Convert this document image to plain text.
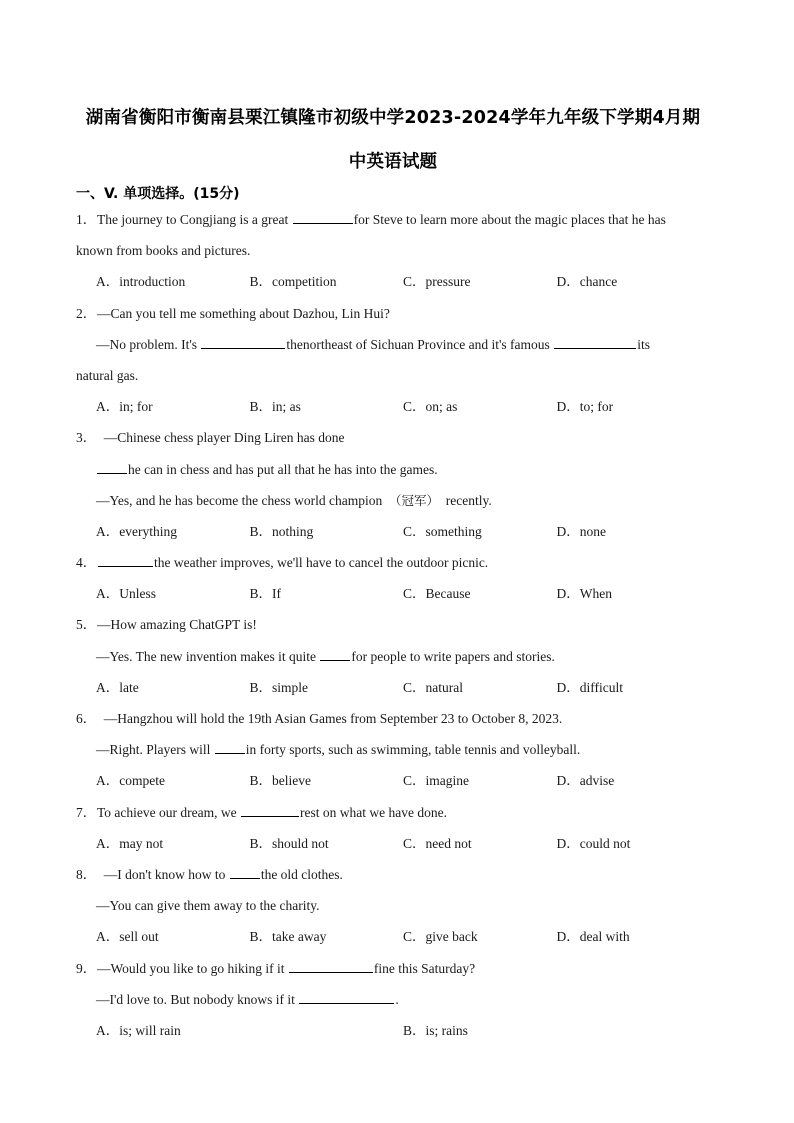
湖南省衡阳市衡南县栗江镇隆市初级中学2023-2024学年九年级下学期4月期
中英语试题
一、V. 单项选择。(15分)
1．The journey to Congjiang is a great	for Steve to learn more about the magic places that he has
known from books and pictures.
A．introduction	B．competition	C．pressure	D．chance
2．—Can you tell me something about Dazhou, Lin Hui?
—No problem. It's	thenortheast of Sichuan Province and it's famous	its
natural gas.
A．in; for	B．in; as	C．on; as	D．to; for
3． —Chinese chess player Ding Liren has done
he can in chess and has put all that he has into the games.
—Yes, and he has become the chess world champion （冠军） recently.
A．everything	B．nothing	C．something	D．none
4．	the weather improves, we'll have to cancel the outdoor picnic.
A．Unless	B．If	C．Because	D．When
5．—How amazing ChatGPT is!
—Yes. The new invention makes it quite for people to write papers and stories.
A．late	B．simple	C．natural	D．difficult
6． —Hangzhou will hold the 19th Asian Games from September 23 to October 8, 2023.
—Right. Players will in forty sports, such as swimming, table tennis and volleyball.
A．compete	B．believe	C．imagine	D．advise
7．To achieve our dream, we	rest on what we have done.
A．may not	B．should not	C．need not	D．could not
8． —I don't know how to the old clothes.
—You can give them away to the charity.
A．sell out	B．take away	C．give back	D．deal with
9．—Would you like to go hiking if it	fine this Saturday?
—I'd love to. But nobody knows if it	.
A．is; will rain	B．is; rains
